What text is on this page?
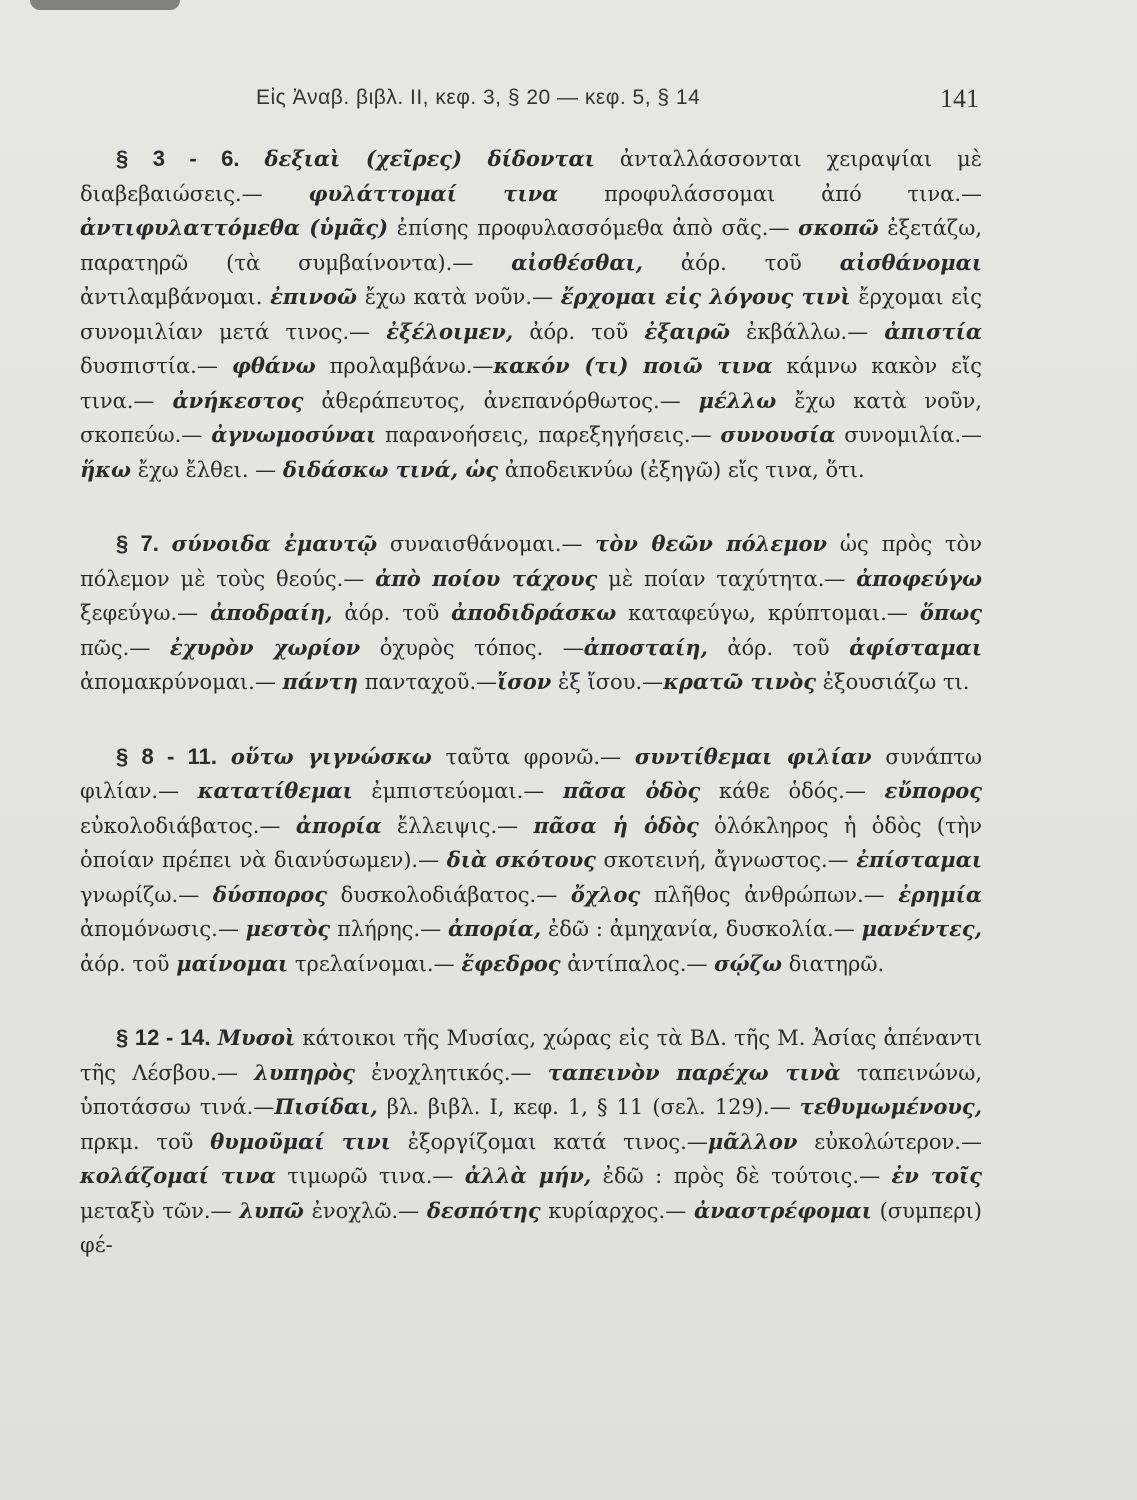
Εἰς Ἀναβ. βιβλ. II, κεφ. 3, § 20 — κεφ. 5, § 14	141

§ 3 - 6. δεξιαὶ (χεῖρες) δίδονται ἀνταλλάσσονται χειραψίαι μὲ διαβεβαιώσεις.— φυλάττομαί τινα προφυλάσσομαι ἀπό τινα.—ἀντιφυλαττόμεθα (ὑμᾶς) ἐπίσης προφυλασσόμεθα ἀπὸ σᾶς.— σκοπῶ ἐξετάζω, παρατηρῶ (τὰ συμβαίνοντα).— αἰσθέσθαι, ἀόρ. τοῦ αἰσθάνομαι ἀντιλαμβάνομαι. ἐπινοῶ ἔχω κατὰ νοῦν.— ἔρχομαι εἰς λόγους τινὶ ἔρχομαι εἰς συνομιλίαν μετά τινος.— ἐξέλοιμεν, ἀόρ. τοῦ ἐξαιρῶ ἐκβάλλω.— ἀπιστία δυσπιστία.— φθάνω προλαμβάνω.—κακόν (τι) ποιῶ τινα κάμνω κακὸν εἴς τινα.— ἀνήκεστος ἀθεράπευτος, ἀνεπανόρθωτος.— μέλλω ἔχω κατὰ νοῦν, σκοπεύω.— ἀγνωμοσύναι παρανοήσεις, παρεξηγήσεις.— συνουσία συνομιλία.— ἥκω ἔχω ἔλθει. — διδάσκω τινά, ὡς ἀποδεικνύω (ἐξηγῶ) εἴς τινα, ὅτι.

§ 7. σύνοιδα ἐμαυτῷ συναισθάνομαι.— τὸν θεῶν πόλεμον ὡς πρὸς τὸν πόλεμον μὲ τοὺς θεούς.— ἀπὸ ποίου τάχους μὲ ποίαν ταχύτητα.— ἀποφεύγω ξεφεύγω.— ἀποδραίη, ἀόρ. τοῦ ἀποδιδράσκω καταφεύγω, κρύπτομαι.— ὅπως πῶς.— ἐχυρὸν χωρίον ὀχυρὸς τόπος. —ἀποσταίη, ἀόρ. τοῦ ἀφίσταμαι ἀπομακρύνομαι.— πάντη πανταχοῦ.—ἴσον ἐξ ἴσου.—κρατῶ τινὸς ἐξουσιάζω τι.

§ 8 - 11. οὕτω γιγνώσκω ταῦτα φρονῶ.— συντίθεμαι φιλίαν συνάπτω φιλίαν.— κατατίθεμαι ἐμπιστεύομαι.— πᾶσα ὁδὸς κάθε ὁδός.— εὔπορος εὐκολοδιάβατος.— ἀπορία ἔλλειψις.— πᾶσα ἡ ὁδὸς ὁλόκληρος ἡ ὁδὸς (τὴν ὁποίαν πρέπει νὰ διανύσωμεν).— διὰ σκότους σκοτεινή, ἄγνωστος.— ἐπίσταμαι γνωρίζω.— δύσπορος δυσκολοδιάβατος.— ὄχλος πλῆθος ἀνθρώπων.— ἐρημία ἀπομόνωσις.— μεστὸς πλήρης.— ἀπορία, ἐδῶ : ἀμηχανία, δυσκολία.— μανέντες, ἀόρ. τοῦ μαίνομαι τρελαίνομαι.— ἔφεδρος ἀντίπαλος.— σῴζω διατηρῶ.

§ 12 - 14. Μυσοὶ κάτοικοι τῆς Μυσίας, χώρας εἰς τὰ ΒΔ. τῆς Μ. Ἀσίας ἀπέναντι τῆς Λέσβου.— λυπηρὸς ἐνοχλητικός.— ταπεινὸν παρέχω τινὰ ταπεινώνω, ὑποτάσσω τινά.—Πισίδαι, βλ. βιβλ. I, κεφ. 1, § 11 (σελ. 129).— τεθυμωμένους, πρκμ. τοῦ θυμοῦμαί τινι ἐξοργίζομαι κατά τινος.—μᾶλλον εὐκολώτερον.—κολάζομαί τινα τιμωρῶ τινα.— ἀλλὰ μήν, ἐδῶ : πρὸς δὲ τούτοις.— ἐν τοῖς μεταξὺ τῶν.— λυπῶ ἐνοχλῶ.— δεσπότης κυρίαρχος.— ἀναστρέφομαι (συμπερι) φέ-
